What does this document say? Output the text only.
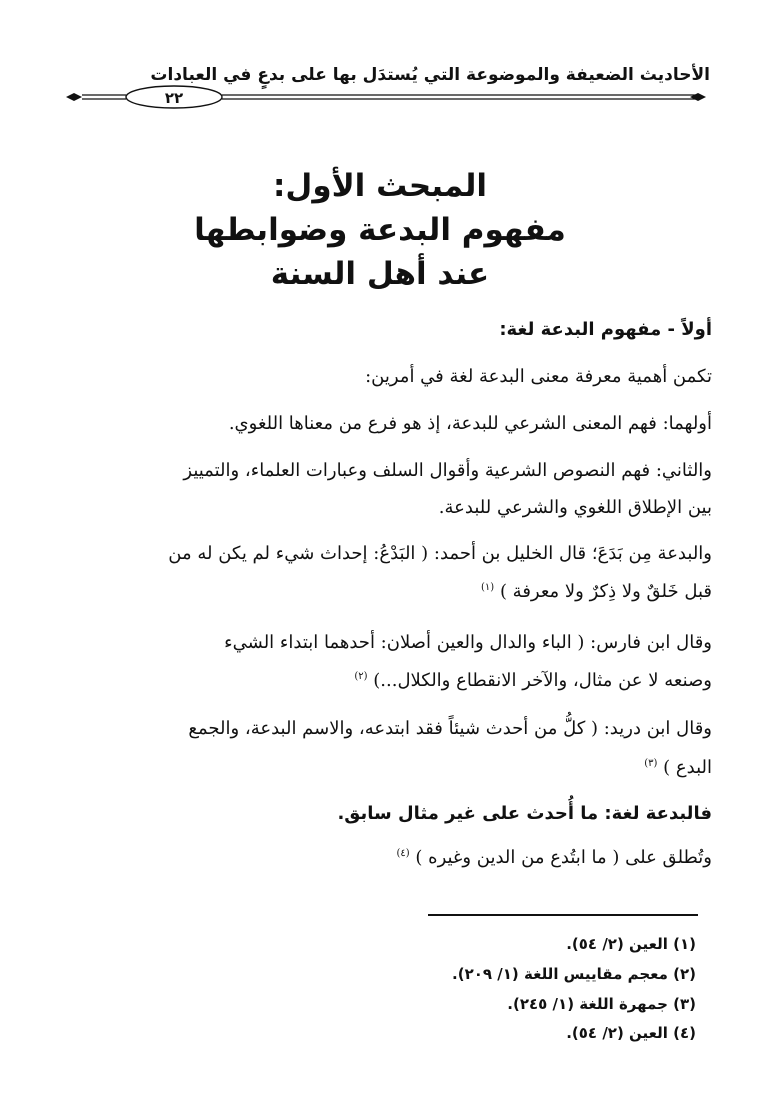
الأحاديث الضعيفة والموضوعة التي يُستدَل بها على بدعٍ في العبادات
٢٢
المبحث الأول:
مفهوم البدعة وضوابطها
عند أهل السنة
أولاً - مفهوم البدعة لغة:
تكمن أهمية معرفة معنى البدعة لغة في أمرين:
أولهما: فهم المعنى الشرعي للبدعة، إذ هو فرع من معناها اللغوي.
والثاني: فهم النصوص الشرعية وأقوال السلف وعبارات العلماء، والتمييز
بين الإطلاق اللغوي والشرعي للبدعة.
والبدعة مِن بَدَعَ؛ قال الخليل بن أحمد: ( البَدْعُ: إحداث شيء لم يكن له من
قبل خَلقٌ ولا ذِكرٌ ولا معرفة ) $^{(١)}$
وقال ابن فارس: ( الباء والدال والعين أصلان: أحدهما ابتداء الشيء
وصنعه لا عن مثال، والآخر الانقطاع والكلال...) $^{(٢)}$
وقال ابن دريد: ( كلُّ من أحدث شيئاً فقد ابتدعه، والاسم البدعة، والجمع
البدع ) $^{(٣)}$
فالبدعة لغة: ما أُحدث على غير مثال سابق.
وتُطلق على ( ما ابتُدع من الدين وغيره ) $^{(٤)}$
(١) العين (٢/ ٥٤).
(٢) معجم مقاييس اللغة (١/ ٢٠٩).
(٣) جمهرة اللغة (١/ ٢٤٥).
(٤) العين (٢/ ٥٤).
